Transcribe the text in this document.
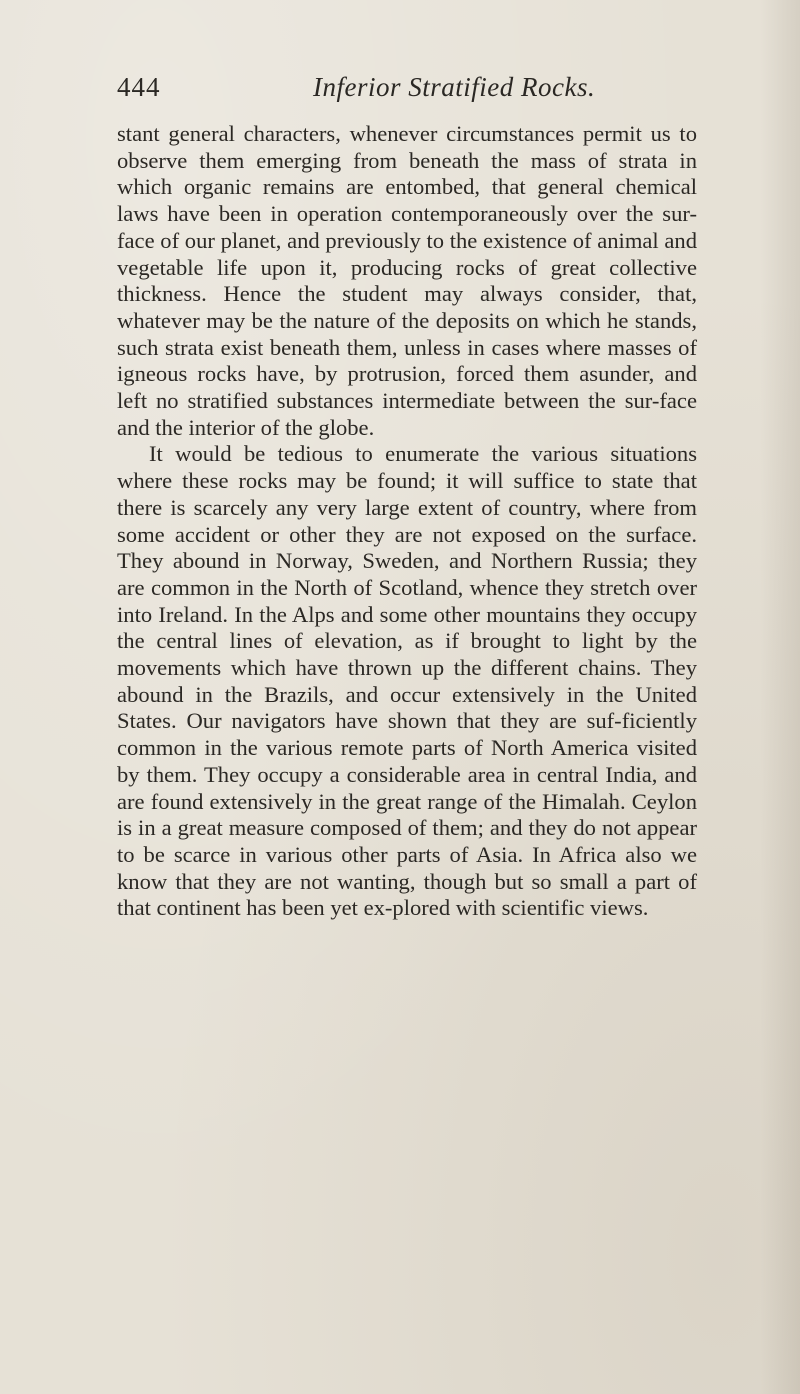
444	Inferior Stratified Rocks.

stant general characters, whenever circumstances permit us to observe them emerging from beneath the mass of strata in which organic remains are entombed, that general chemical laws have been in operation contemporaneously over the sur-face of our planet, and previously to the existence of animal and vegetable life upon it, producing rocks of great collective thickness. Hence the student may always consider, that, whatever may be the nature of the deposits on which he stands, such strata exist beneath them, unless in cases where masses of igneous rocks have, by protrusion, forced them asunder, and left no stratified substances intermediate between the sur-face and the interior of the globe.

It would be tedious to enumerate the various situations where these rocks may be found; it will suffice to state that there is scarcely any very large extent of country, where from some accident or other they are not exposed on the surface. They abound in Norway, Sweden, and Northern Russia; they are common in the North of Scotland, whence they stretch over into Ireland. In the Alps and some other mountains they occupy the central lines of elevation, as if brought to light by the movements which have thrown up the different chains. They abound in the Brazils, and occur extensively in the United States. Our navigators have shown that they are suf-ficiently common in the various remote parts of North America visited by them. They occupy a considerable area in central India, and are found extensively in the great range of the Himalah. Ceylon is in a great measure composed of them; and they do not appear to be scarce in various other parts of Asia. In Africa also we know that they are not wanting, though but so small a part of that continent has been yet ex-plored with scientific views.
